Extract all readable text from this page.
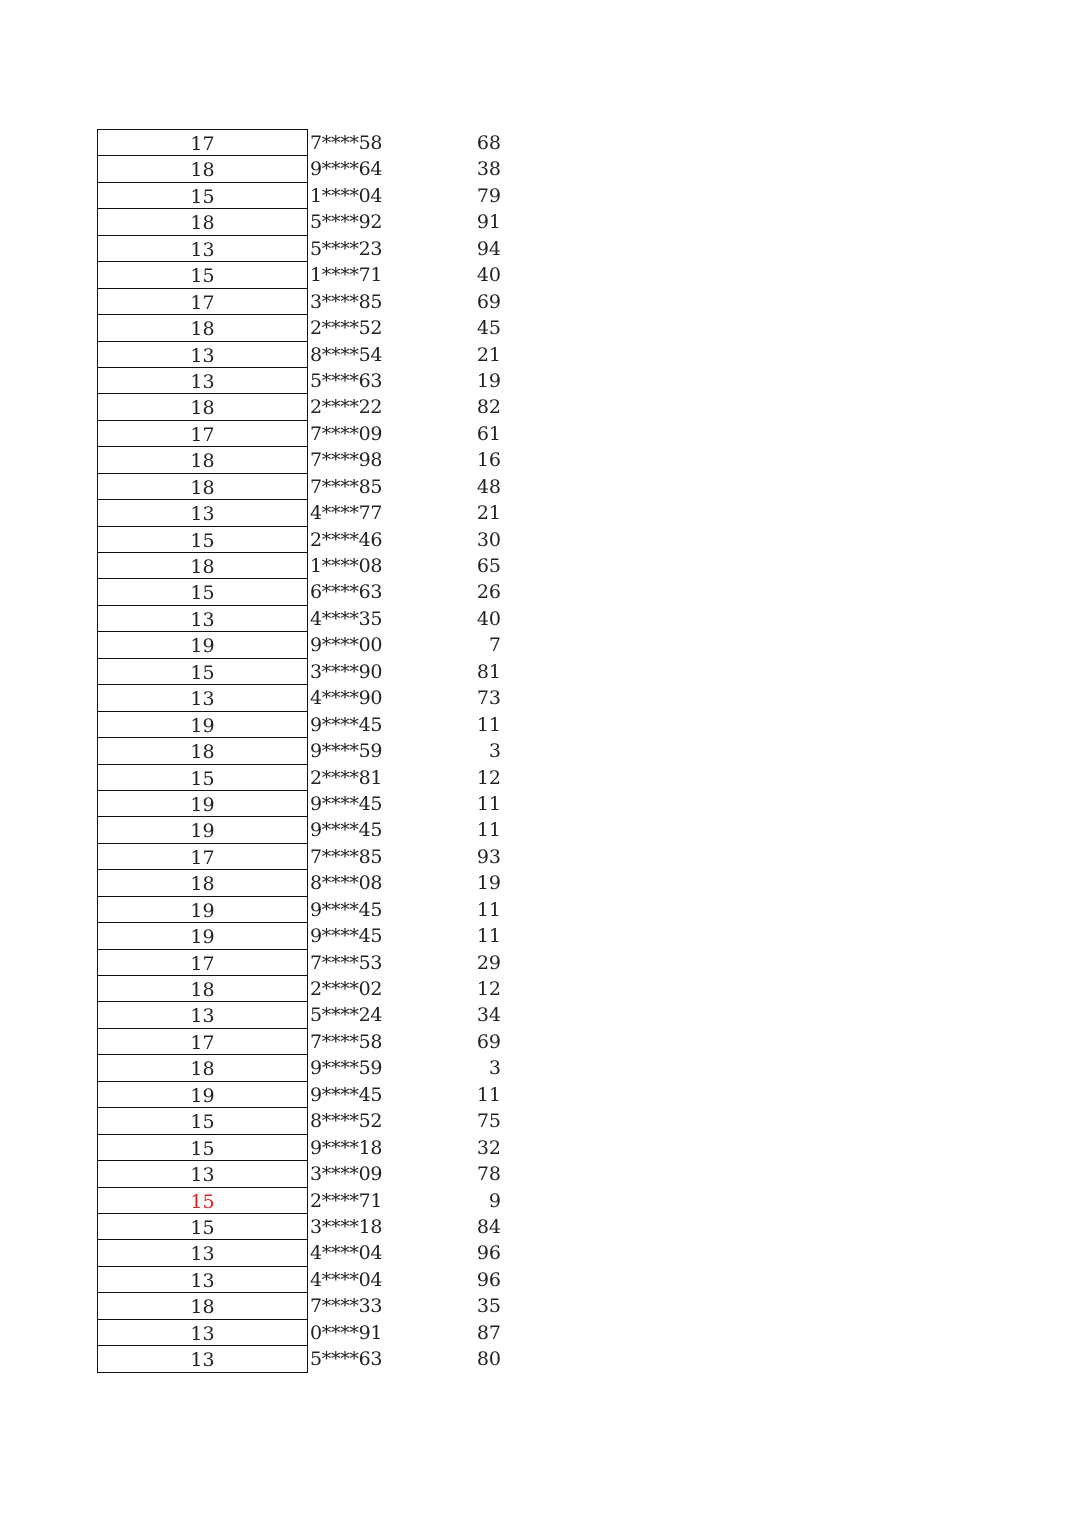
17	7****58	68
18	9****64	38
15	1****04	79
18	5****92	91
13	5****23	94
15	1****71	40
17	3****85	69
18	2****52	45
13	8****54	21
13	5****63	19
18	2****22	82
17	7****09	61
18	7****98	16
18	7****85	48
13	4****77	21
15	2****46	30
18	1****08	65
15	6****63	26
13	4****35	40
19	9****00	7
15	3****90	81
13	4****90	73
19	9****45	11
18	9****59	3
15	2****81	12
19	9****45	11
19	9****45	11
17	7****85	93
18	8****08	19
19	9****45	11
19	9****45	11
17	7****53	29
18	2****02	12
13	5****24	34
17	7****58	69
18	9****59	3
19	9****45	11
15	8****52	75
15	9****18	32
13	3****09	78
15	2****71	9
15	3****18	84
13	4****04	96
13	4****04	96
18	7****33	35
13	0****91	87
13	5****63	80
